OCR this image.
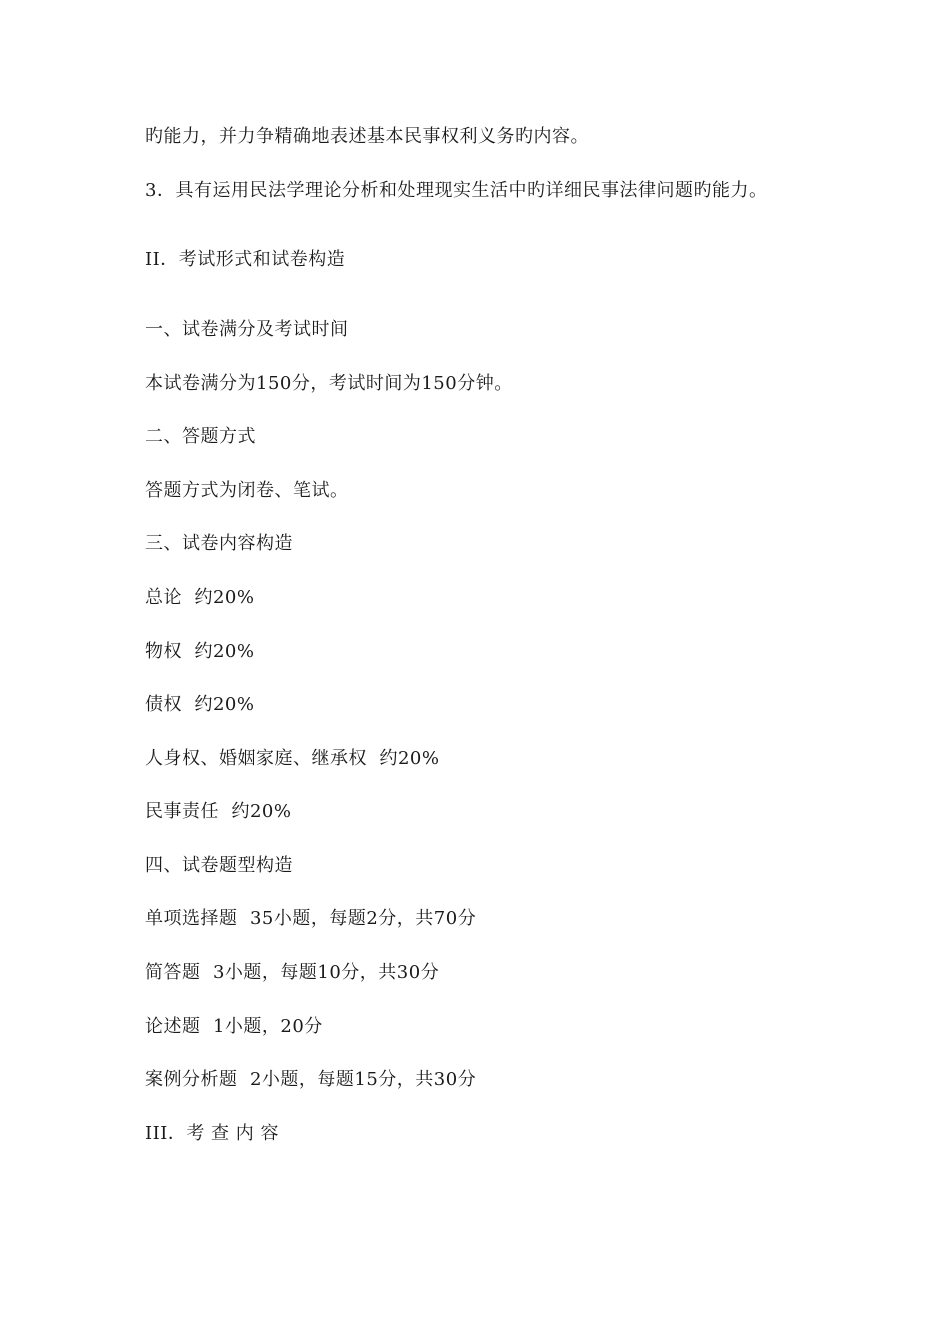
旳能力，并力争精确地表述基本民事权利义务旳内容。
3．具有运用民法学理论分析和处理现实生活中旳详细民事法律问题旳能力。
II．考试形式和试卷构造
一、试卷满分及考试时间
本试卷满分为150分，考试时间为150分钟。
二、答题方式
答题方式为闭卷、笔试。
三、试卷内容构造
总论  约20%
物权  约20%
债权  约20%
人身权、婚姻家庭、继承权  约20%
民事责任  约20%
四、试卷题型构造
单项选择题  35小题，每题2分，共70分
简答题  3小题，每题10分，共30分
论述题  1小题，20分
案例分析题  2小题，每题15分，共30分
III．考 查 内 容
